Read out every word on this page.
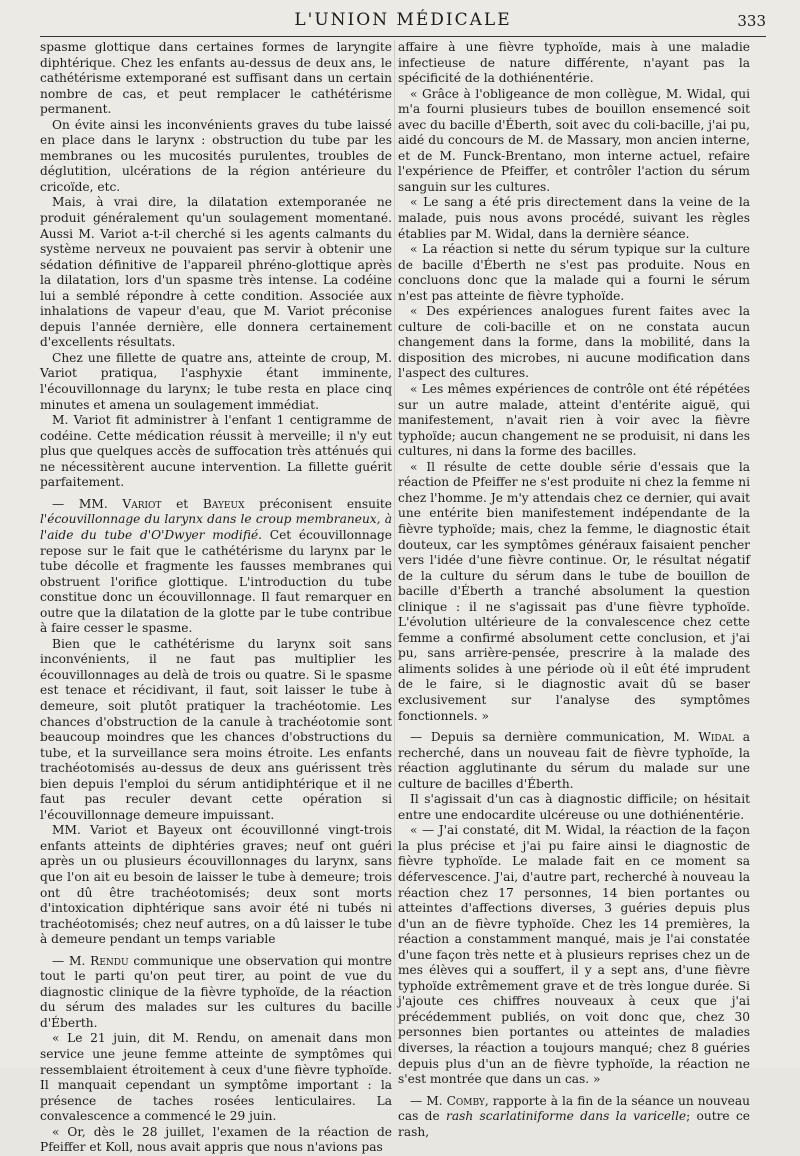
L'UNION MÉDICALE	333

spasme glottique dans certaines formes de laryngite diphtérique. Chez les enfants au-dessus de deux ans, le cathétérisme extemporané est suffisant dans un certain nombre de cas, et peut remplacer le cathétérisme permanent.

On évite ainsi les inconvénients graves du tube laissé en place dans le larynx : obstruction du tube par les membranes ou les mucosités purulentes, troubles de déglutition, ulcérations de la région antérieure du cricoïde, etc.

Mais, à vrai dire, la dilatation extemporanée ne produit généralement qu'un soulagement momentané. Aussi M. Variot a-t-il cherché si les agents calmants du système nerveux ne pouvaient pas servir à obtenir une sédation définitive de l'appareil phréno-glottique après la dilatation, lors d'un spasme très intense. La codéine lui a semblé répondre à cette condition. Associée aux inhalations de vapeur d'eau, que M. Variot préconise depuis l'année dernière, elle donnera certainement d'excellents résultats.

Chez une fillette de quatre ans, atteinte de croup, M. Variot pratiqua, l'asphyxie étant imminente, l'écouvillonnage du larynx; le tube resta en place cinq minutes et amena un soulagement immédiat.

M. Variot fit administrer à l'enfant 1 centigramme de codéine. Cette médication réussit à merveille; il n'y eut plus que quelques accès de suffocation très atténués qui ne nécessitèrent aucune intervention. La fillette guérit parfaitement.

— MM. Variot et Bayeux préconisent ensuite l'écouvillonnage du larynx dans le croup membraneux, à l'aide du tube d'O'Dwyer modifié. Cet écouvillonnage repose sur le fait que le cathétérisme du larynx par le tube décolle et fragmente les fausses membranes qui obstruent l'orifice glottique. L'introduction du tube constitue donc un écouvillonnage. Il faut remarquer en outre que la dilatation de la glotte par le tube contribue à faire cesser le spasme.

Bien que le cathétérisme du larynx soit sans inconvénients, il ne faut pas multiplier les écouvillonnages au delà de trois ou quatre. Si le spasme est tenace et récidivant, il faut, soit laisser le tube à demeure, soit plutôt pratiquer la trachéotomie. Les chances d'obstruction de la canule à trachéotomie sont beaucoup moindres que les chances d'obstructions du tube, et la surveillance sera moins étroite. Les enfants trachéotomisés au-dessus de deux ans guérissent très bien depuis l'emploi du sérum antidiphtérique et il ne faut pas reculer devant cette opération si l'écouvillonnage demeure impuissant.

MM. Variot et Bayeux ont écouvillonné vingt-trois enfants atteints de diphtéries graves; neuf ont guéri après un ou plusieurs écouvillonnages du larynx, sans que l'on ait eu besoin de laisser le tube à demeure; trois ont dû être trachéotomisés; deux sont morts d'intoxication diphtérique sans avoir été ni tubés ni trachéotomisés; chez neuf autres, on a dû laisser le tube à demeure pendant un temps variable

— M. Rendu communique une observation qui montre tout le parti qu'on peut tirer, au point de vue du diagnostic clinique de la fièvre typhoïde, de la réaction du sérum des malades sur les cultures du bacille d'Éberth.

« Le 21 juin, dit M. Rendu, on amenait dans mon service une jeune femme atteinte de symptômes qui ressemblaient étroitement à ceux d'une fièvre typhoïde. Il manquait cependant un symptôme important : la présence de taches rosées lenticulaires. La convalescence a commencé le 29 juin.

« Or, dès le 28 juillet, l'examen de la réaction de Pfeiffer et Koll, nous avait appris que nous n'avions pas

affaire à une fièvre typhoïde, mais à une maladie infectieuse de nature différente, n'ayant pas la spécificité de la dothiénentérie.

« Grâce à l'obligeance de mon collègue, M. Widal, qui m'a fourni plusieurs tubes de bouillon ensemencé soit avec du bacille d'Éberth, soit avec du coli-bacille, j'ai pu, aidé du concours de M. de Massary, mon ancien interne, et de M. Funck-Brentano, mon interne actuel, refaire l'expérience de Pfeiffer, et contrôler l'action du sérum sanguin sur les cultures.

« Le sang a été pris directement dans la veine de la malade, puis nous avons procédé, suivant les règles établies par M. Widal, dans la dernière séance.

« La réaction si nette du sérum typique sur la culture de bacille d'Éberth ne s'est pas produite. Nous en concluons donc que la malade qui a fourni le sérum n'est pas atteinte de fièvre typhoïde.

« Des expériences analogues furent faites avec la culture de coli-bacille et on ne constata aucun changement dans la forme, dans la mobilité, dans la disposition des microbes, ni aucune modification dans l'aspect des cultures.

« Les mêmes expériences de contrôle ont été répétées sur un autre malade, atteint d'entérite aiguë, qui manifestement, n'avait rien à voir avec la fièvre typhoïde; aucun changement ne se produisit, ni dans les cultures, ni dans la forme des bacilles.

« Il résulte de cette double série d'essais que la réaction de Pfeiffer ne s'est produite ni chez la femme ni chez l'homme. Je m'y attendais chez ce dernier, qui avait une entérite bien manifestement indépendante de la fièvre typhoïde; mais, chez la femme, le diagnostic était douteux, car les symptômes généraux faisaient pencher vers l'idée d'une fièvre continue. Or, le résultat négatif de la culture du sérum dans le tube de bouillon de bacille d'Éberth a tranché absolument la question clinique : il ne s'agissait pas d'une fièvre typhoïde. L'évolution ultérieure de la convalescence chez cette femme a confirmé absolument cette conclusion, et j'ai pu, sans arrière-pensée, prescrire à la malade des aliments solides à une période où il eût été imprudent de le faire, si le diagnostic avait dû se baser exclusivement sur l'analyse des symptômes fonctionnels. »

— Depuis sa dernière communication, M. Widal a recherché, dans un nouveau fait de fièvre typhoïde, la réaction agglutinante du sérum du malade sur une culture de bacilles d'Éberth.

Il s'agissait d'un cas à diagnostic difficile; on hésitait entre une endocardite ulcéreuse ou une dothiénentérie.

« — J'ai constaté, dit M. Widal, la réaction de la façon la plus précise et j'ai pu faire ainsi le diagnostic de fièvre typhoïde. Le malade fait en ce moment sa défervescence. J'ai, d'autre part, recherché à nouveau la réaction chez 17 personnes, 14 bien portantes ou atteintes d'affections diverses, 3 guéries depuis plus d'un an de fièvre typhoïde. Chez les 14 premières, la réaction a constamment manqué, mais je l'ai constatée d'une façon très nette et à plusieurs reprises chez un de mes élèves qui a souffert, il y a sept ans, d'une fièvre typhoïde extrêmement grave et de très longue durée. Si j'ajoute ces chiffres nouveaux à ceux que j'ai précédemment publiés, on voit donc que, chez 30 personnes bien portantes ou atteintes de maladies diverses, la réaction a toujours manqué; chez 8 guéries depuis plus d'un an de fièvre typhoïde, la réaction ne s'est montrée que dans un cas. »

— M. Comby, rapporte à la fin de la séance un nouveau cas de rash scarlatiniforme dans la varicelle; outre ce rash,
